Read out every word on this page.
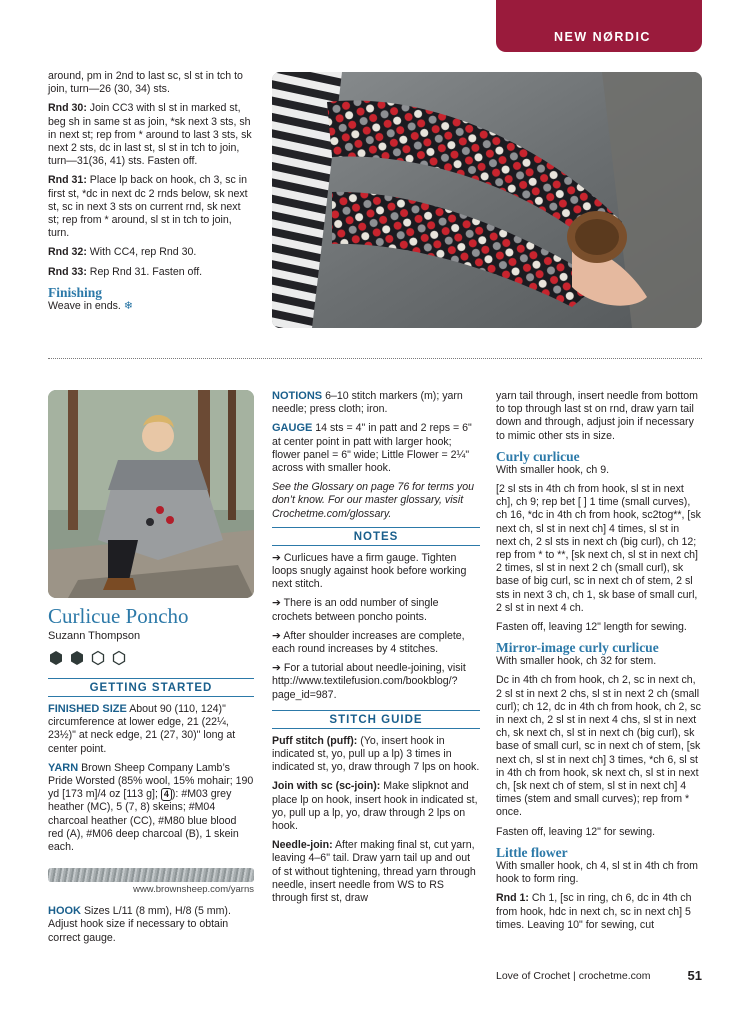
NEW NØRDIC

around, pm in 2nd to last sc, sl st in tch to join, turn—26 (30, 34) sts.

Rnd 30: Join CC3 with sl st in marked st, beg sh in same st as join, *sk next 3 sts, sh in next st; rep from * around to last 3 sts, sk next 2 sts, dc in last st, sl st in tch to join, turn—31(36, 41) sts. Fasten off.

Rnd 31: Place lp back on hook, ch 3, sc in first st, *dc in next dc 2 rnds below, sk next st, sc in next 3 sts on current rnd, sk next st; rep from * around, sl st in tch to join, turn.

Rnd 32: With CC4, rep Rnd 30.

Rnd 33: Rep Rnd 31. Fasten off.

Finishing

Weave in ends. ❄

Curlicue Poncho
Suzann Thompson
GETTING STARTED

FINISHED SIZE About 90 (110, 124)" circumference at lower edge, 21 (22¼, 23½)" at neck edge, 21 (27, 30)" long at center point.

YARN Brown Sheep Company Lamb’s Pride Worsted (85% wool, 15% mohair; 190 yd [173 m]/4 oz [113 g]; 4 ): #M03 grey heather (MC), 5 (7, 8) skeins; #M04 charcoal heather (CC), #M80 blue blood red (A), #M06 deep charcoal (B), 1 skein each.

www.brownsheep.com/yarns

HOOK Sizes L/11 (8 mm), H/8 (5 mm). Adjust hook size if necessary to obtain correct gauge.

NOTIONS 6–10 stitch markers (m); yarn needle; press cloth; iron.

GAUGE 14 sts = 4" in patt and 2 reps = 6" at center point in patt with larger hook; flower panel = 6" wide; Little Flower = 2¼" across with smaller hook.

See the Glossary on page 76 for terms you don’t know. For our master glossary, visit Crochetme.com/glossary.

NOTES

➔ Curlicues have a firm gauge. Tighten loops snugly against hook before working next stitch.

➔ There is an odd number of single crochets between poncho points.

➔ After shoulder increases are complete, each round increases by 4 stitches.

➔ For a tutorial about needle-joining, visit http://www.textilefusion.com/bookblog/?page_id=987.

STITCH GUIDE

Puff stitch (puff): (Yo, insert hook in indicated st, yo, pull up a lp) 3 times in indicated st, yo, draw through 7 lps on hook.

Join with sc (sc-join): Make slipknot and place lp on hook, insert hook in indicated st, yo, pull up a lp, yo, draw through 2 lps on hook.

Needle-join: After making final st, cut yarn, leaving 4–6" tail. Draw yarn tail up and out of st without tightening, thread yarn through needle, insert needle from WS to RS through first st, draw

yarn tail through, insert needle from bottom to top through last st on rnd, draw yarn tail down and through, adjust join if necessary to mimic other sts in size.

Curly curlicue

With smaller hook, ch 9.

[2 sl sts in 4th ch from hook, sl st in next ch], ch 9; rep bet [ ] 1 time (small curves), ch 16, *dc in 4th ch from hook, sc2tog**, [sk next ch, sl st in next ch] 4 times, sl st in next ch, 2 sl sts in next ch (big curl), ch 12; rep from * to **, [sk next ch, sl st in next ch] 2 times, sl st in next 2 ch (small curl), sk base of big curl, sc in next ch of stem, 2 sl sts in next 3 ch, ch 1, sk base of small curl, 2 sl st in next 4 ch.

Fasten off, leaving 12" length for sewing.

Mirror-image curly curlicue

With smaller hook, ch 32 for stem.

Dc in 4th ch from hook, ch 2, sc in next ch, 2 sl st in next 2 chs, sl st in next 2 ch (small curl); ch 12, dc in 4th ch from hook, ch 2, sc in next ch, 2 sl st in next 4 chs, sl st in next ch, sk next ch, sl st in next ch (big curl), sk base of small curl, sc in next ch of stem, [sk next ch, sl st in next ch] 3 times, *ch 6, sl st in 4th ch from hook, sk next ch, sl st in next ch, [sk next ch of stem, sl st in next ch] 4 times (stem and small curves); rep from * once.

Fasten off, leaving 12" for sewing.

Little flower

With smaller hook, ch 4, sl st in 4th ch from hook to form ring.

Rnd 1: Ch 1, [sc in ring, ch 6, dc in 4th ch from hook, hdc in next ch, sc in next ch] 5 times. Leaving 10" for sewing, cut

Love of Crochet | crochetme.com	51
